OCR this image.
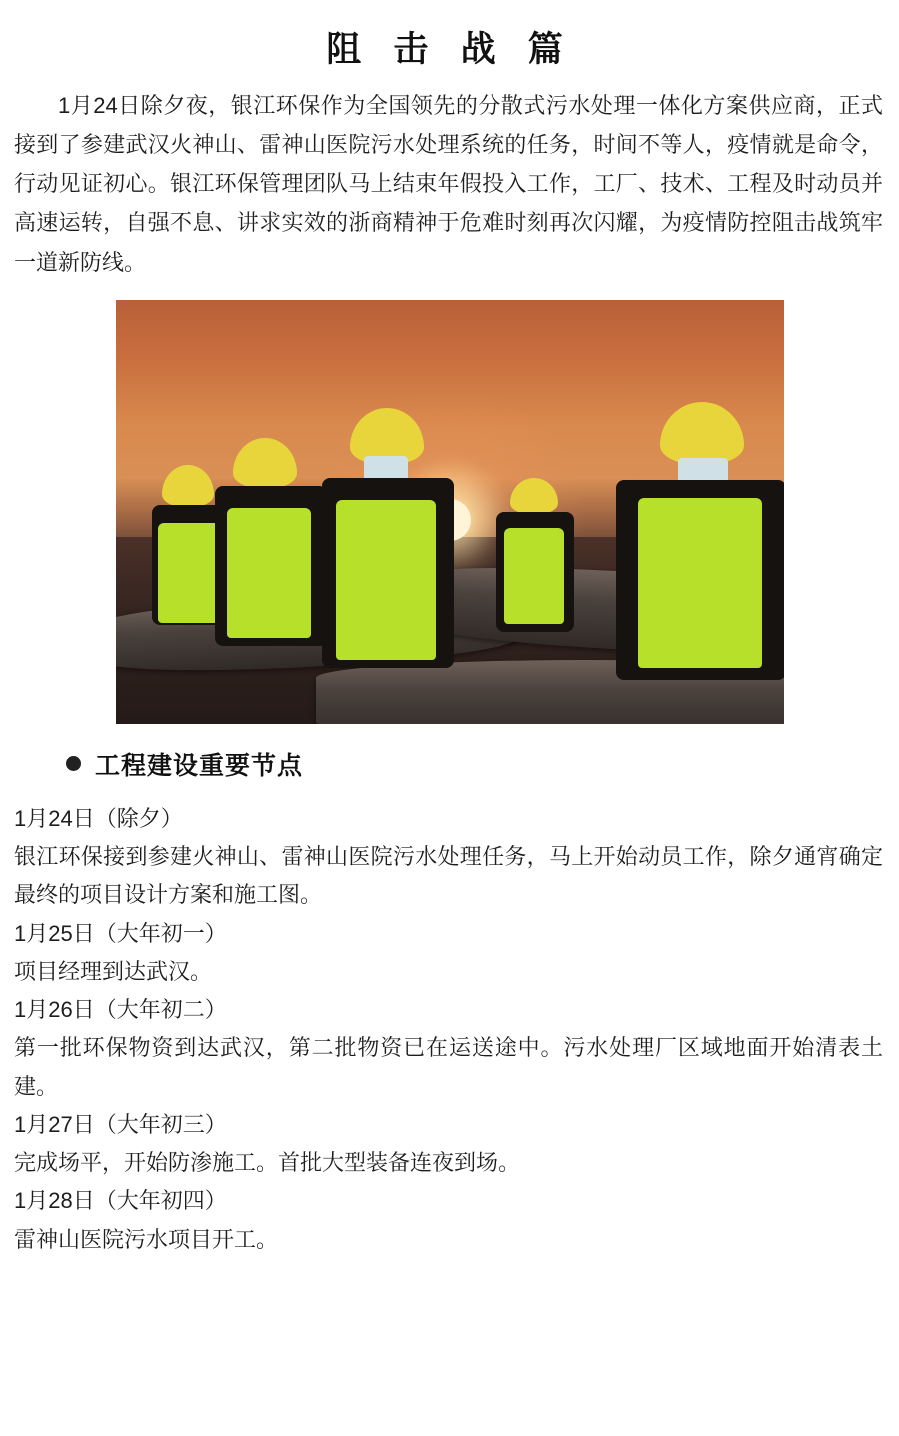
阻 击 战 篇

1月24日除夕夜，银江环保作为全国领先的分散式污水处理一体化方案供应商，正式接到了参建武汉火神山、雷神山医院污水处理系统的任务，时间不等人，疫情就是命令，行动见证初心。银江环保管理团队马上结束年假投入工作，工厂、技术、工程及时动员并高速运转，自强不息、讲求实效的浙商精神于危难时刻再次闪耀，为疫情防控阻击战筑牢一道新防线。

工程建设重要节点
1月24日（除夕）
银江环保接到参建火神山、雷神山医院污水处理任务，马上开始动员工作，除夕通宵确定最终的项目设计方案和施工图。
1月25日（大年初一）
项目经理到达武汉。
1月26日（大年初二）
第一批环保物资到达武汉，第二批物资已在运送途中。污水处理厂区域地面开始清表土建。
1月27日（大年初三）
完成场平，开始防渗施工。首批大型装备连夜到场。
1月28日（大年初四）
雷神山医院污水项目开工。
